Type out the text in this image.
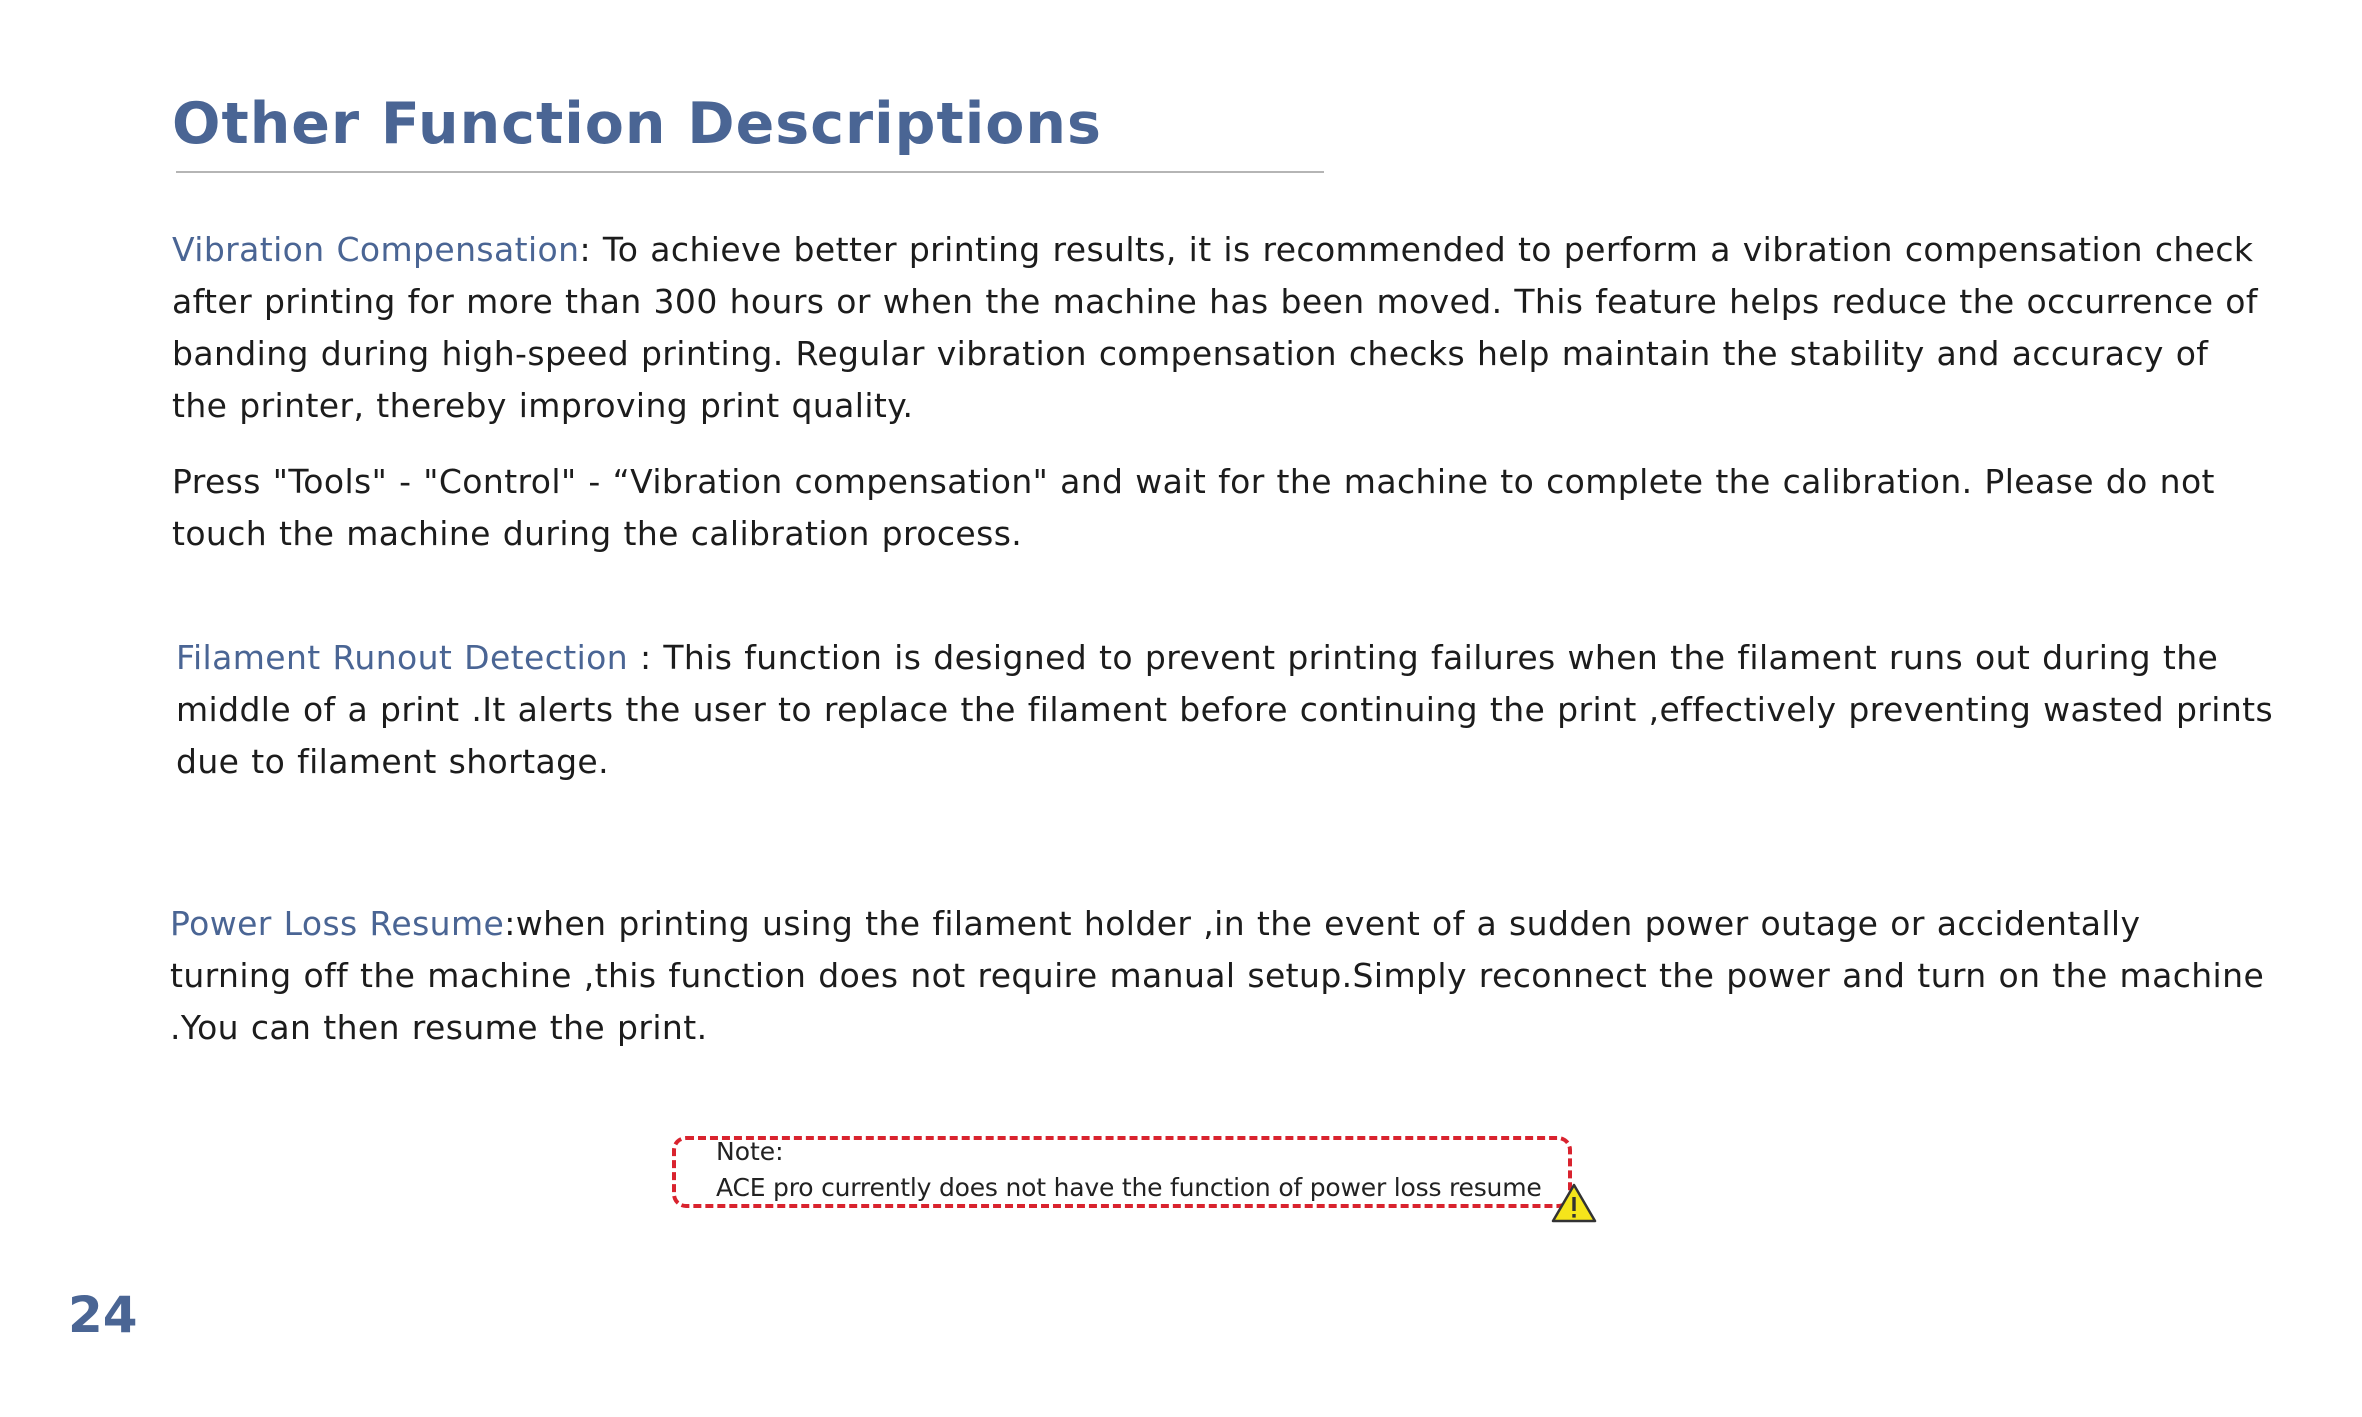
Other Function Descriptions

Vibration Compensation: To achieve better printing results, it is recommended to perform a vibration compensation check

after printing for more than 300 hours or when the machine has been moved. This feature helps reduce the occurrence of

banding during high-speed printing. Regular vibration compensation checks help maintain the stability and accuracy of

the printer, thereby improving print quality.

Press "Tools" - "Control" - “Vibration compensation" and wait for the machine to complete the calibration. Please do not

touch the machine during the calibration process.

Filament Runout Detection : This function is designed to prevent printing failures when the filament runs out during the

middle of a print .It alerts the user to replace the filament before continuing the print ,effectively preventing wasted prints

due to filament shortage.

Power Loss Resume:when printing using the filament holder ,in the event of a sudden power outage or accidentally

turning off the machine ,this function does not require manual setup.Simply reconnect the power and turn on the machine

.You can then resume the print.

Note:

ACE pro currently does not have the function of power loss resume

24
